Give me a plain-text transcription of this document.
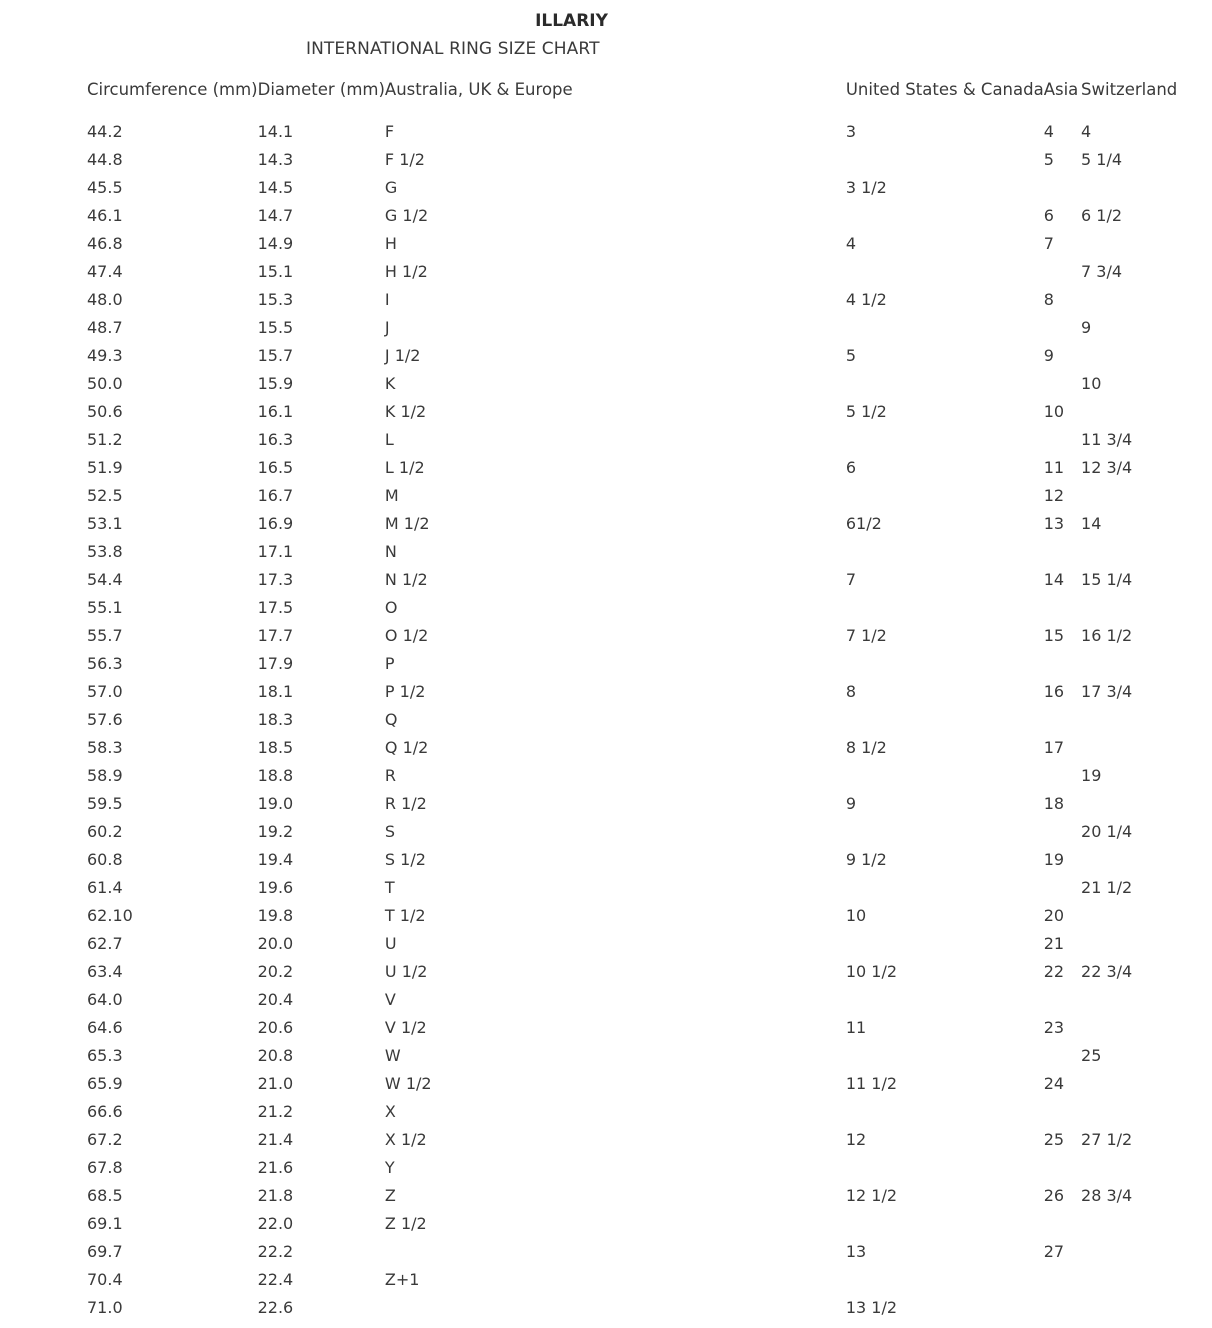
ILLARIY
INTERNATIONAL RING SIZE CHART
Circumference (mm)	Diameter (mm)	Australia, UK & Europe	United States & Canada	Asia	Switzerland
44.2	14.1	F	3	4	4
44.8	14.3	F 1/2		5	5 1/4
45.5	14.5	G	3 1/2		
46.1	14.7	G 1/2		6	6 1/2
46.8	14.9	H	4	7	
47.4	15.1	H 1/2			7 3/4
48.0	15.3	I	4 1/2	8	
48.7	15.5	J			9
49.3	15.7	J 1/2	5	9	
50.0	15.9	K			10
50.6	16.1	K 1/2	5 1/2	10	
51.2	16.3	L			11 3/4
51.9	16.5	L 1/2	6	11	12 3/4
52.5	16.7	M		12	
53.1	16.9	M 1/2	61/2	13	14
53.8	17.1	N			
54.4	17.3	N 1/2	7	14	15 1/4
55.1	17.5	O			
55.7	17.7	O 1/2	7 1/2	15	16 1/2
56.3	17.9	P			
57.0	18.1	P 1/2	8	16	17 3/4
57.6	18.3	Q			
58.3	18.5	Q 1/2	8 1/2	17	
58.9	18.8	R			19
59.5	19.0	R 1/2	9	18	
60.2	19.2	S			20 1/4
60.8	19.4	S 1/2	9 1/2	19	
61.4	19.6	T			21 1/2
62.10	19.8	T 1/2	10	20	
62.7	20.0	U		21	
63.4	20.2	U 1/2	10 1/2	22	22 3/4
64.0	20.4	V			
64.6	20.6	V 1/2	11	23	
65.3	20.8	W			25
65.9	21.0	W 1/2	11 1/2	24	
66.6	21.2	X			
67.2	21.4	X 1/2	12	25	27 1/2
67.8	21.6	Y			
68.5	21.8	Z	12 1/2	26	28 3/4
69.1	22.0	Z 1/2			
69.7	22.2		13	27	
70.4	22.4	Z+1			
71.0	22.6		13 1/2		
